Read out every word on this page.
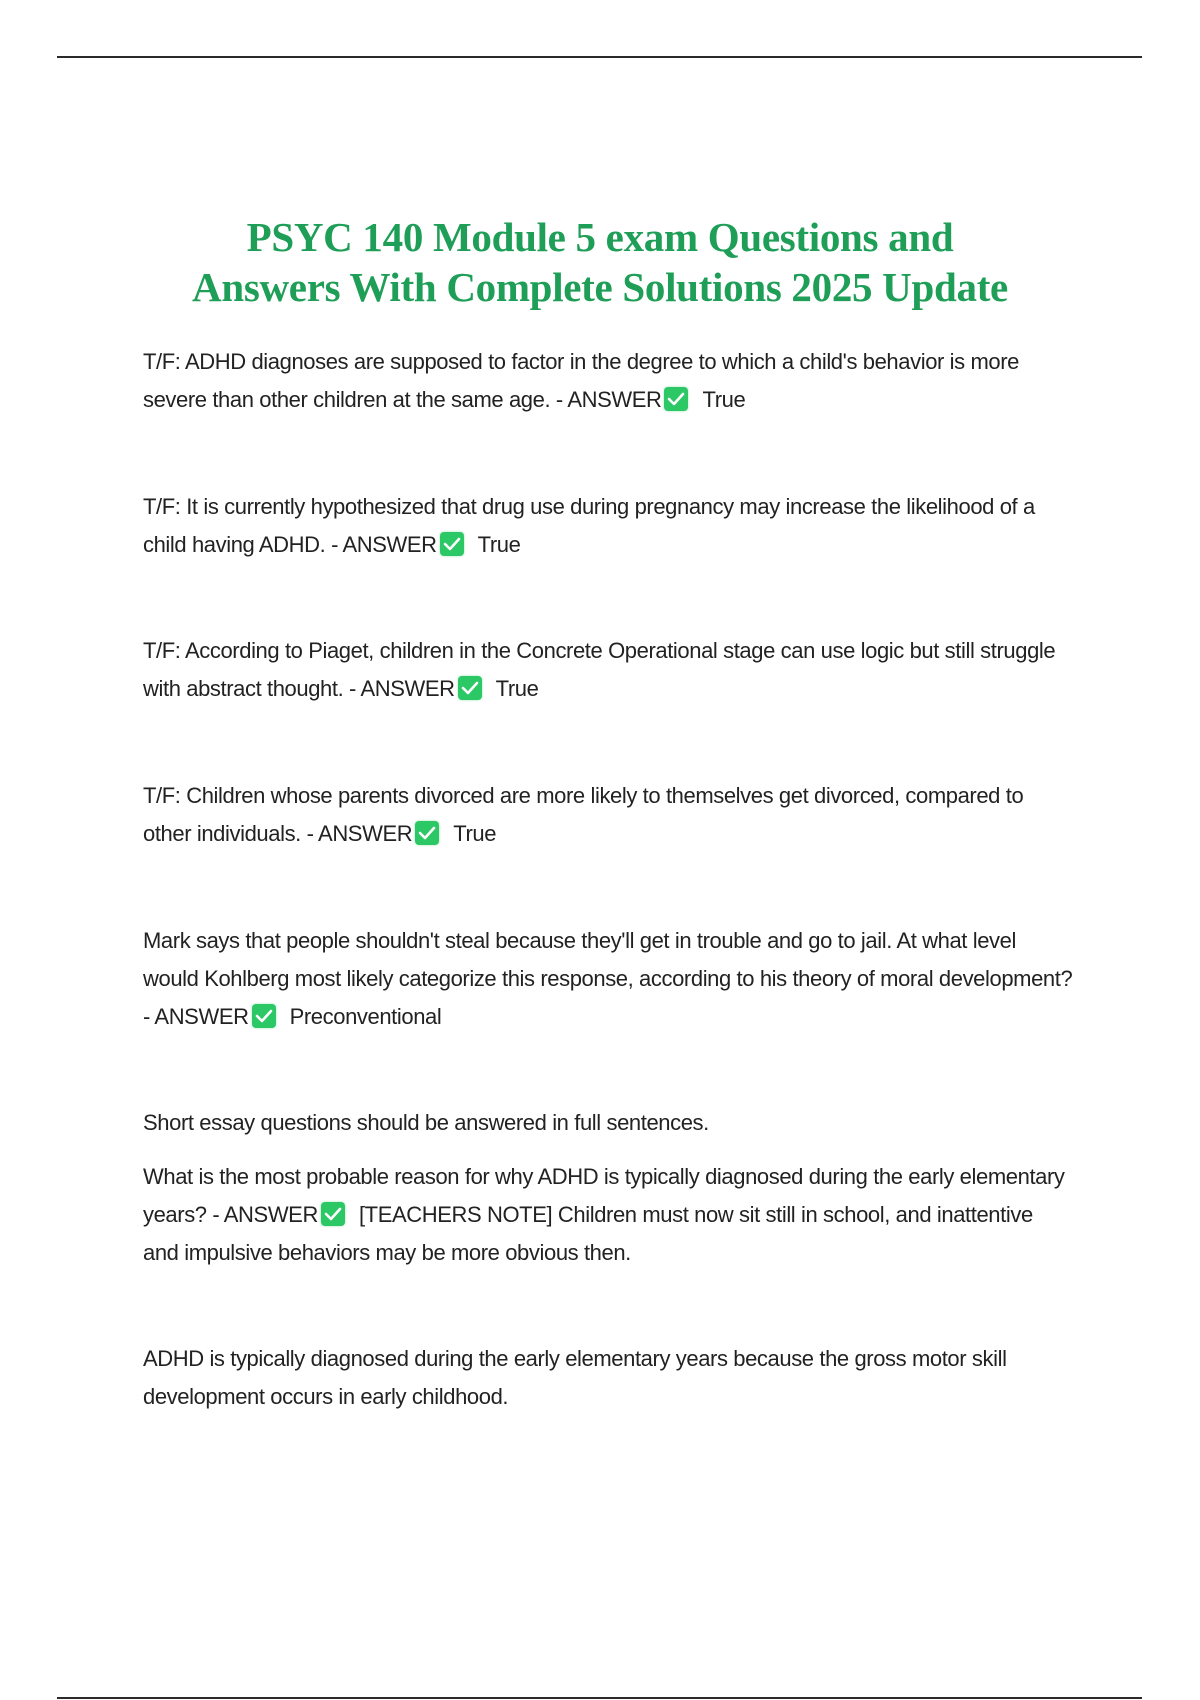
PSYC 140 Module 5 exam Questions and
Answers With Complete Solutions 2025 Update

T/F: ADHD diagnoses are supposed to factor in the degree to which a child's behavior is more severe than other children at the same age. - ANSWER True

T/F: It is currently hypothesized that drug use during pregnancy may increase the likelihood of a child having ADHD. - ANSWER True

T/F: According to Piaget, children in the Concrete Operational stage can use logic but still struggle with abstract thought. - ANSWER True

T/F: Children whose parents divorced are more likely to themselves get divorced, compared to other individuals. - ANSWER True

Mark says that people shouldn't steal because they'll get in trouble and go to jail. At what level would Kohlberg most likely categorize this response, according to his theory of moral development? - ANSWER Preconventional

Short essay questions should be answered in full sentences.

What is the most probable reason for why ADHD is typically diagnosed during the early elementary years? - ANSWER [TEACHERS NOTE] Children must now sit still in school, and inattentive and impulsive behaviors may be more obvious then.

ADHD is typically diagnosed during the early elementary years because the gross motor skill development occurs in early childhood.
